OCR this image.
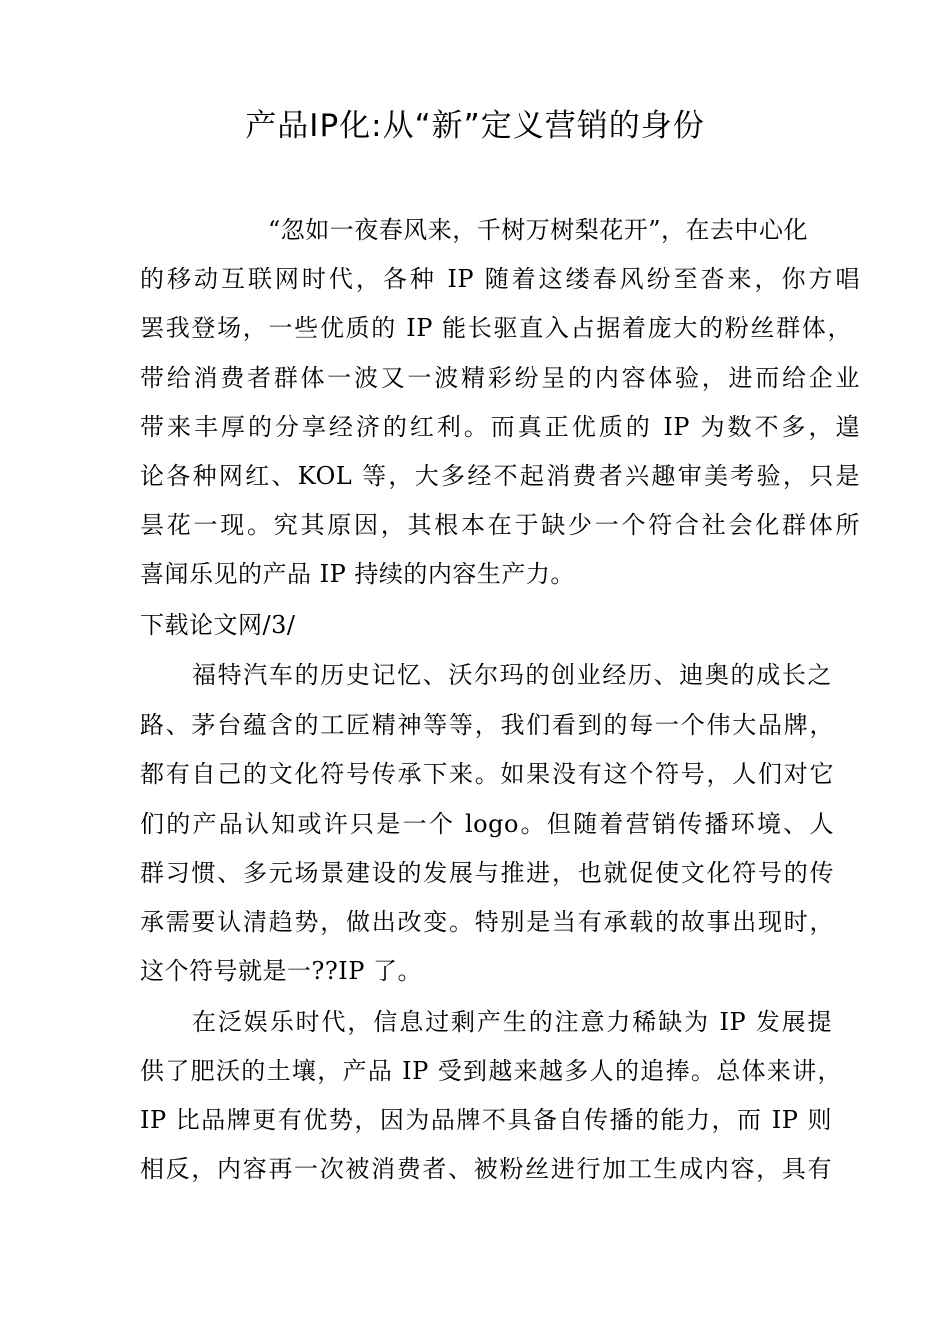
产品IP化:从“新”定义营销的身份
“忽如一夜春风来，千树万树梨花开”，在去中心化
的移动互联网时代，各种 IP 随着这缕春风纷至沓来，你方唱
罢我登场，一些优质的 IP 能长驱直入占据着庞大的粉丝群体，
带给消费者群体一波又一波精彩纷呈的内容体验，进而给企业
带来丰厚的分享经济的红利。而真正优质的 IP 为数不多，遑
论各种网红、KOL 等，大多经不起消费者兴趣审美考验，只是
昙花一现。究其原因，其根本在于缺少一个符合社会化群体所
喜闻乐见的产品 IP 持续的内容生产力。
下载论文网/3/
福特汽车的历史记忆、沃尔玛的创业经历、迪奥的成长之
路、茅台蕴含的工匠精神等等，我们看到的每一个伟大品牌，
都有自己的文化符号传承下来。如果没有这个符号，人们对它
们的产品认知或许只是一个 logo。但随着营销传播环境、人
群习惯、多元场景建设的发展与推进，也就促使文化符号的传
承需要认清趋势，做出改变。特别是当有承载的故事出现时，
这个符号就是一??IP 了。
在泛娱乐时代，信息过剩产生的注意力稀缺为 IP 发展提
供了肥沃的土壤，产品 IP 受到越来越多人的追捧。总体来讲，
IP 比品牌更有优势，因为品牌不具备自传播的能力，而 IP 则
相反，内容再一次被消费者、被粉丝进行加工生成内容，具有
